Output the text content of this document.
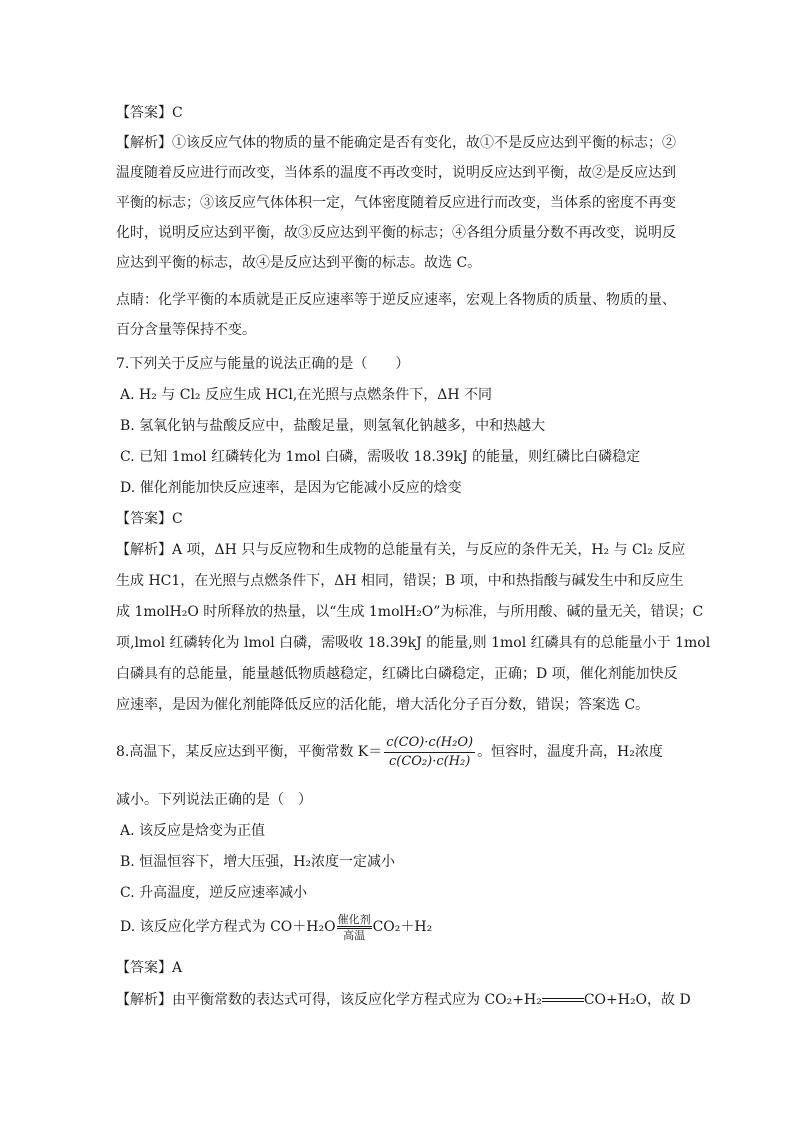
【答案】C
【解析】①该反应气体的物质的量不能确定是否有变化，故①不是反应达到平衡的标志；②
温度随着反应进行而改变，当体系的温度不再改变时，说明反应达到平衡，故②是反应达到
平衡的标志；③该反应气体体积一定，气体密度随着反应进行而改变，当体系的密度不再变
化时，说明反应达到平衡，故③反应达到平衡的标志；④各组分质量分数不再改变，说明反
应达到平衡的标志，故④是反应达到平衡的标志。故选 C。
点睛：化学平衡的本质就是正反应速率等于逆反应速率，宏观上各物质的质量、物质的量、
百分含量等保持不变。
7.下列关于反应与能量的说法正确的是（　　）
A. H₂ 与 Cl₂ 反应生成 HCl,在光照与点燃条件下，ΔH 不同
B. 氢氧化钠与盐酸反应中，盐酸足量，则氢氧化钠越多，中和热越大
C. 已知 1mol 红磷转化为 1mol 白磷，需吸收 18.39kJ 的能量，则红磷比白磷稳定
D. 催化剂能加快反应速率，是因为它能减小反应的焓变
【答案】C
【解析】A 项，ΔH 只与反应物和生成物的总能量有关，与反应的条件无关，H₂ 与 Cl₂ 反应
生成 HC1，在光照与点燃条件下，ΔH 相同，错误；B 项，中和热指酸与碱发生中和反应生
成 1molH₂O 时所释放的热量，以“生成 1molH₂O”为标准，与所用酸、碱的量无关，错误；C
项,lmol 红磷转化为 lmol 白磷，需吸收 18.39kJ 的能量,则 1mol 红磷具有的总能量小于 1mol
白磷具有的总能量，能量越低物质越稳定，红磷比白磷稳定，正确；D 项，催化剂能加快反
应速率，是因为催化剂能降低反应的活化能，增大活化分子百分数，错误；答案选 C。
8.高温下，某反应达到平衡，平衡常数 $K= \frac{\text{c(CO)·c(H₂O)}}{\text{c(CO₂)·c(H₂)}}$ 。恒容时，温度升高，H₂浓度
减小。下列说法正确的是（　）
A. 该反应是焓变为正值
B. 恒温恒容下，增大压强，H₂浓度一定减小
C. 升高温度，逆反应速率减小
D. 该反应化学方程式为 CO＋H₂O 催化剂
高温 CO₂＋H₂
【答案】A
【解析】由平衡常数的表达式可得，该反应化学方程式应为 CO₂+H₂	CO+H₂O，故 D
